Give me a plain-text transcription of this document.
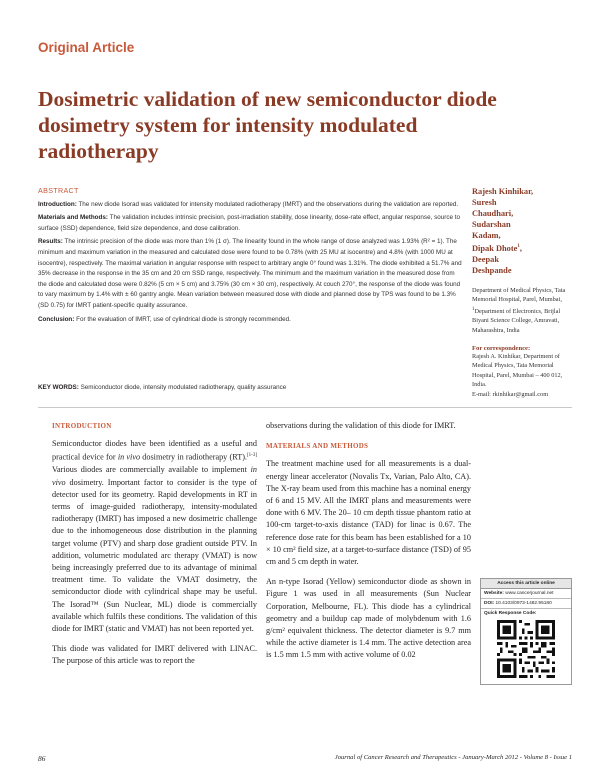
Original Article
Dosimetric validation of new semiconductor diode dosimetry system for intensity modulated radiotherapy
ABSTRACT

Introduction: The new diode Isorad was validated for intensity modulated radiotherapy (IMRT) and the observations during the validation are reported.

Materials and Methods: The validation includes intrinsic precision, post-irradiation stability, dose linearity, dose-rate effect, angular response, source to surface (SSD) dependence, field size dependence, and dose calibration.

Results: The intrinsic precision of the diode was more than 1% (1 σ). The linearity found in the whole range of dose analyzed was 1.93% (R² = 1). The minimum and maximum variation in the measured and calculated dose were found to be 0.78% (with 25 MU at isocentre) and 4.8% (with 1000 MU at isocentre), respectively. The maximal variation in angular response with respect to arbitrary angle 0° found was 1.31%. The diode exhibited a 51.7% and 35% decrease in the response in the 35 cm and 20 cm SSD range, respectively. The minimum and the maximum variation in the measured dose from the diode and calculated dose were 0.82% (5 cm × 5 cm) and 3.75% (30 cm × 30 cm), respectively. At couch 270°, the response of the diode was found to vary maximum by 1.4% with ± 60 gantry angle. Mean variation between measured dose with diode and planned dose by TPS was found to be 1.3% (SD 0.75) for IMRT patient-specific quality assurance.

Conclusion: For the evaluation of IMRT, use of cylindrical diode is strongly recommended.

Rajesh Kinhikar,
Suresh
Chaudhari,
Sudarshan
Kadam,
Dipak Dhote$^1$,
Deepak
Deshpande
Department of Medical Physics, Tata Memorial Hospital, Parel, Mumbai, $^1$Department of Electronics, Brijlal Biyani Science College, Amravati, Maharashtra, India
For correspondence:
Rajesh A. Kinhikar, Department of Medical Physics, Tata Memorial Hospital, Parel, Mumbai – 400 012, India.
E-mail: rkinhikar@gmail.com
KEY WORDS: Semiconductor diode, intensity modulated radiotherapy, quality assurance
INTRODUCTION

Semiconductor diodes have been identified as a useful and practical device for in vivo dosimetry in radiotherapy (RT).[1-3] Various diodes are commercially available to implement in vivo dosimetry. Important factor to consider is the type of detector used for its geometry. Rapid developments in RT in terms of image-guided radiotherapy, intensity-modulated radiotherapy (IMRT) has imposed a new dosimetric challenge due to the inhomogeneous dose distribution in the planning target volume (PTV) and sharp dose gradient outside PTV. In addition, volumetric modulated arc therapy (VMAT) is now being increasingly preferred due to its advantage of minimal treatment time. To validate the VMAT dosimetry, the semiconductor diode with cylindrical shape may be useful. The Isorad™ (Sun Nuclear, ML) diode is commercially available which fulfils these conditions. The validation of this diode for IMRT (static and VMAT) has not been reported yet.

This diode was validated for IMRT delivered with LINAC. The purpose of this article was to report the

observations during the validation of this diode for IMRT.

MATERIALS AND METHODS

The treatment machine used for all measurements is a dual-energy linear accelerator (Novalis Tx, Varian, Palo Alto, CA). The X-ray beam used from this machine has a nominal energy of 6 and 15 MV. All the IMRT plans and measurements were done with 6 MV. The 20– 10 cm depth tissue phantom ratio at 100-cm target-to-axis distance (TAD) for linac is 0.67. The reference dose rate for this beam has been established for a 10 × 10 cm² field size, at a target-to-surface distance (TSD) of 95 cm and 5 cm depth in water.

An n-type Isorad (Yellow) semiconductor diode as shown in Figure 1 was used in all measurements (Sun Nuclear Corporation, Melbourne, FL). This diode has a cylindrical geometry and a buildup cap made of molybdenum with 1.6 g/cm² equivalent thickness. The detector diameter is 9.7 mm while the active diameter is 1.4 mm. The active detection area is 1.5 mm 1.5 mm with active volume of 0.02

Access this article online
Website: www.cancerjournal.net
DOI: 10.4103/0973-1482.95180
Quick Response Code:
86	Journal of Cancer Research and Therapeutics - January-March 2012 - Volume 8 - Issue 1
